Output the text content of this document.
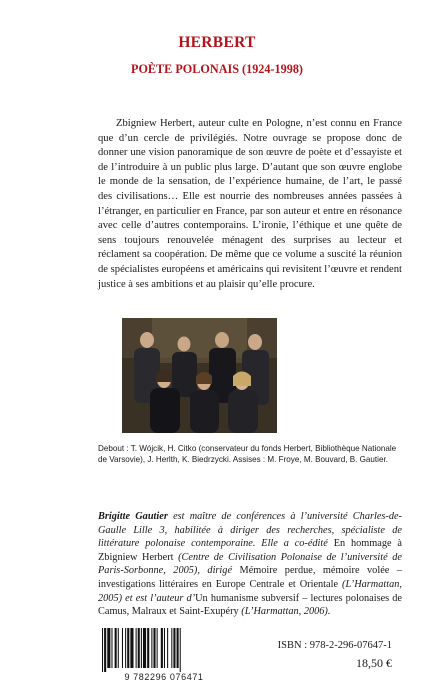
HERBERT
POÈTE POLONAIS (1924-1998)

Zbigniew Herbert, auteur culte en Pologne, n’est connu en France que d’un cercle de privilégiés. Notre ouvrage se propose donc de donner une vision panoramique de son œuvre de poète et d’essayiste et de l’introduire à un public plus large. D’autant que son œuvre englobe le monde de la sensation, de l’expérience humaine, de l’art, le passé des civilisations… Elle est nourrie des nombreuses années passées à l’étranger, en particulier en France, par son auteur et entre en résonance avec celle d’autres contemporains. L’ironie, l’éthique et une quête de sens toujours renouvelée ménagent des surprises au lecteur et réclament sa coopération. De même que ce volume a suscité la réunion de spécialistes européens et américains qui revisitent l’œuvre et rendent justice à ses ambitions et au plaisir qu’elle procure.

Debout : T. Wójcik, H. Citko (conservateur du fonds Herbert, Bibliothèque Nationale de Varsovie), J. Herlth, K. Biedrzycki. Assises : M. Froye, M. Bouvard, B. Gautier.

Brigitte Gautier est maître de conférences à l’université Charles-de-Gaulle Lille 3, habilitée à diriger des recherches, spécialiste de littérature polonaise contemporaine. Elle a co-édité En hommage à Zbigniew Herbert (Centre de Civilisation Polonaise de l’université de Paris-Sorbonne, 2005), dirigé Mémoire perdue, mémoire volée – investigations littéraires en Europe Centrale et Orientale (L’Harmattan, 2005) et est l’auteur d’Un humanisme subversif – lectures polonaises de Camus, Malraux et Saint-Exupéry (L’Harmattan, 2006).

9 782296 076471
ISBN : 978-2-296-07647-1
18,50 €
